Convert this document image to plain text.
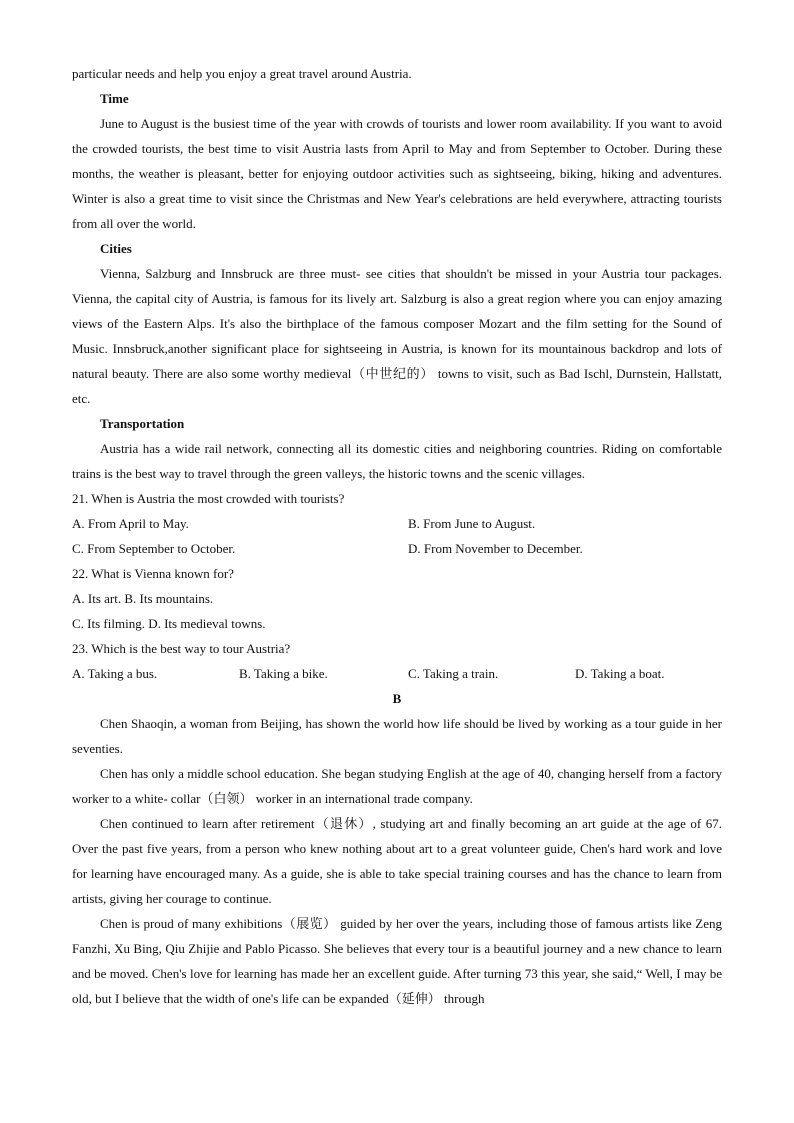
particular needs and help you enjoy a great travel around Austria.
Time

June to August is the busiest time of the year with crowds of tourists and lower room availability. If you want to avoid the crowded tourists, the best time to visit Austria lasts from April to May and from September to October. During these months, the weather is pleasant, better for enjoying outdoor activities such as sightseeing, biking, hiking and adventures. Winter is also a great time to visit since the Christmas and New Year's celebrations are held everywhere, attracting tourists from all over the world.

Cities

Vienna, Salzburg and Innsbruck are three must- see cities that shouldn't be missed in your Austria tour packages. Vienna, the capital city of Austria, is famous for its lively art. Salzburg is also a great region where you can enjoy amazing views of the Eastern Alps. It's also the birthplace of the famous composer Mozart and the film setting for the Sound of Music. Innsbruck,another significant place for sightseeing in Austria, is known for its mountainous backdrop and lots of natural beauty. There are also some worthy medieval（中世纪的） towns to visit, such as Bad Ischl, Durnstein, Hallstatt, etc.

Transportation

Austria has a wide rail network, connecting all its domestic cities and neighboring countries. Riding on comfortable trains is the best way to travel through the green valleys, the historic towns and the scenic villages.

21. When is Austria the most crowded with tourists?
A. From April to May.	B. From June to August.
C. From September to October.	D. From November to December.
22. What is Vienna known for?
A. Its art. B. Its mountains.
C. Its filming. D. Its medieval towns.
23. Which is the best way to tour Austria?
A. Taking a bus.	B. Taking a bike.	C. Taking a train.	D. Taking a boat.
B

Chen Shaoqin, a woman from Beijing, has shown the world how life should be lived by working as a tour guide in her seventies.

Chen has only a middle school education. She began studying English at the age of 40, changing herself from a factory worker to a white- collar（白领） worker in an international trade company.

Chen continued to learn after retirement（退休）, studying art and finally becoming an art guide at the age of 67. Over the past five years, from a person who knew nothing about art to a great volunteer guide, Chen's hard work and love for learning have encouraged many. As a guide, she is able to take special training courses and has the chance to learn from artists, giving her courage to continue.

Chen is proud of many exhibitions（展览） guided by her over the years, including those of famous artists like Zeng Fanzhi, Xu Bing, Qiu Zhijie and Pablo Picasso. She believes that every tour is a beautiful journey and a new chance to learn and be moved. Chen's love for learning has made her an excellent guide. After turning 73 this year, she said,“ Well, I may be old, but I believe that the width of one's life can be expanded（延伸） through
